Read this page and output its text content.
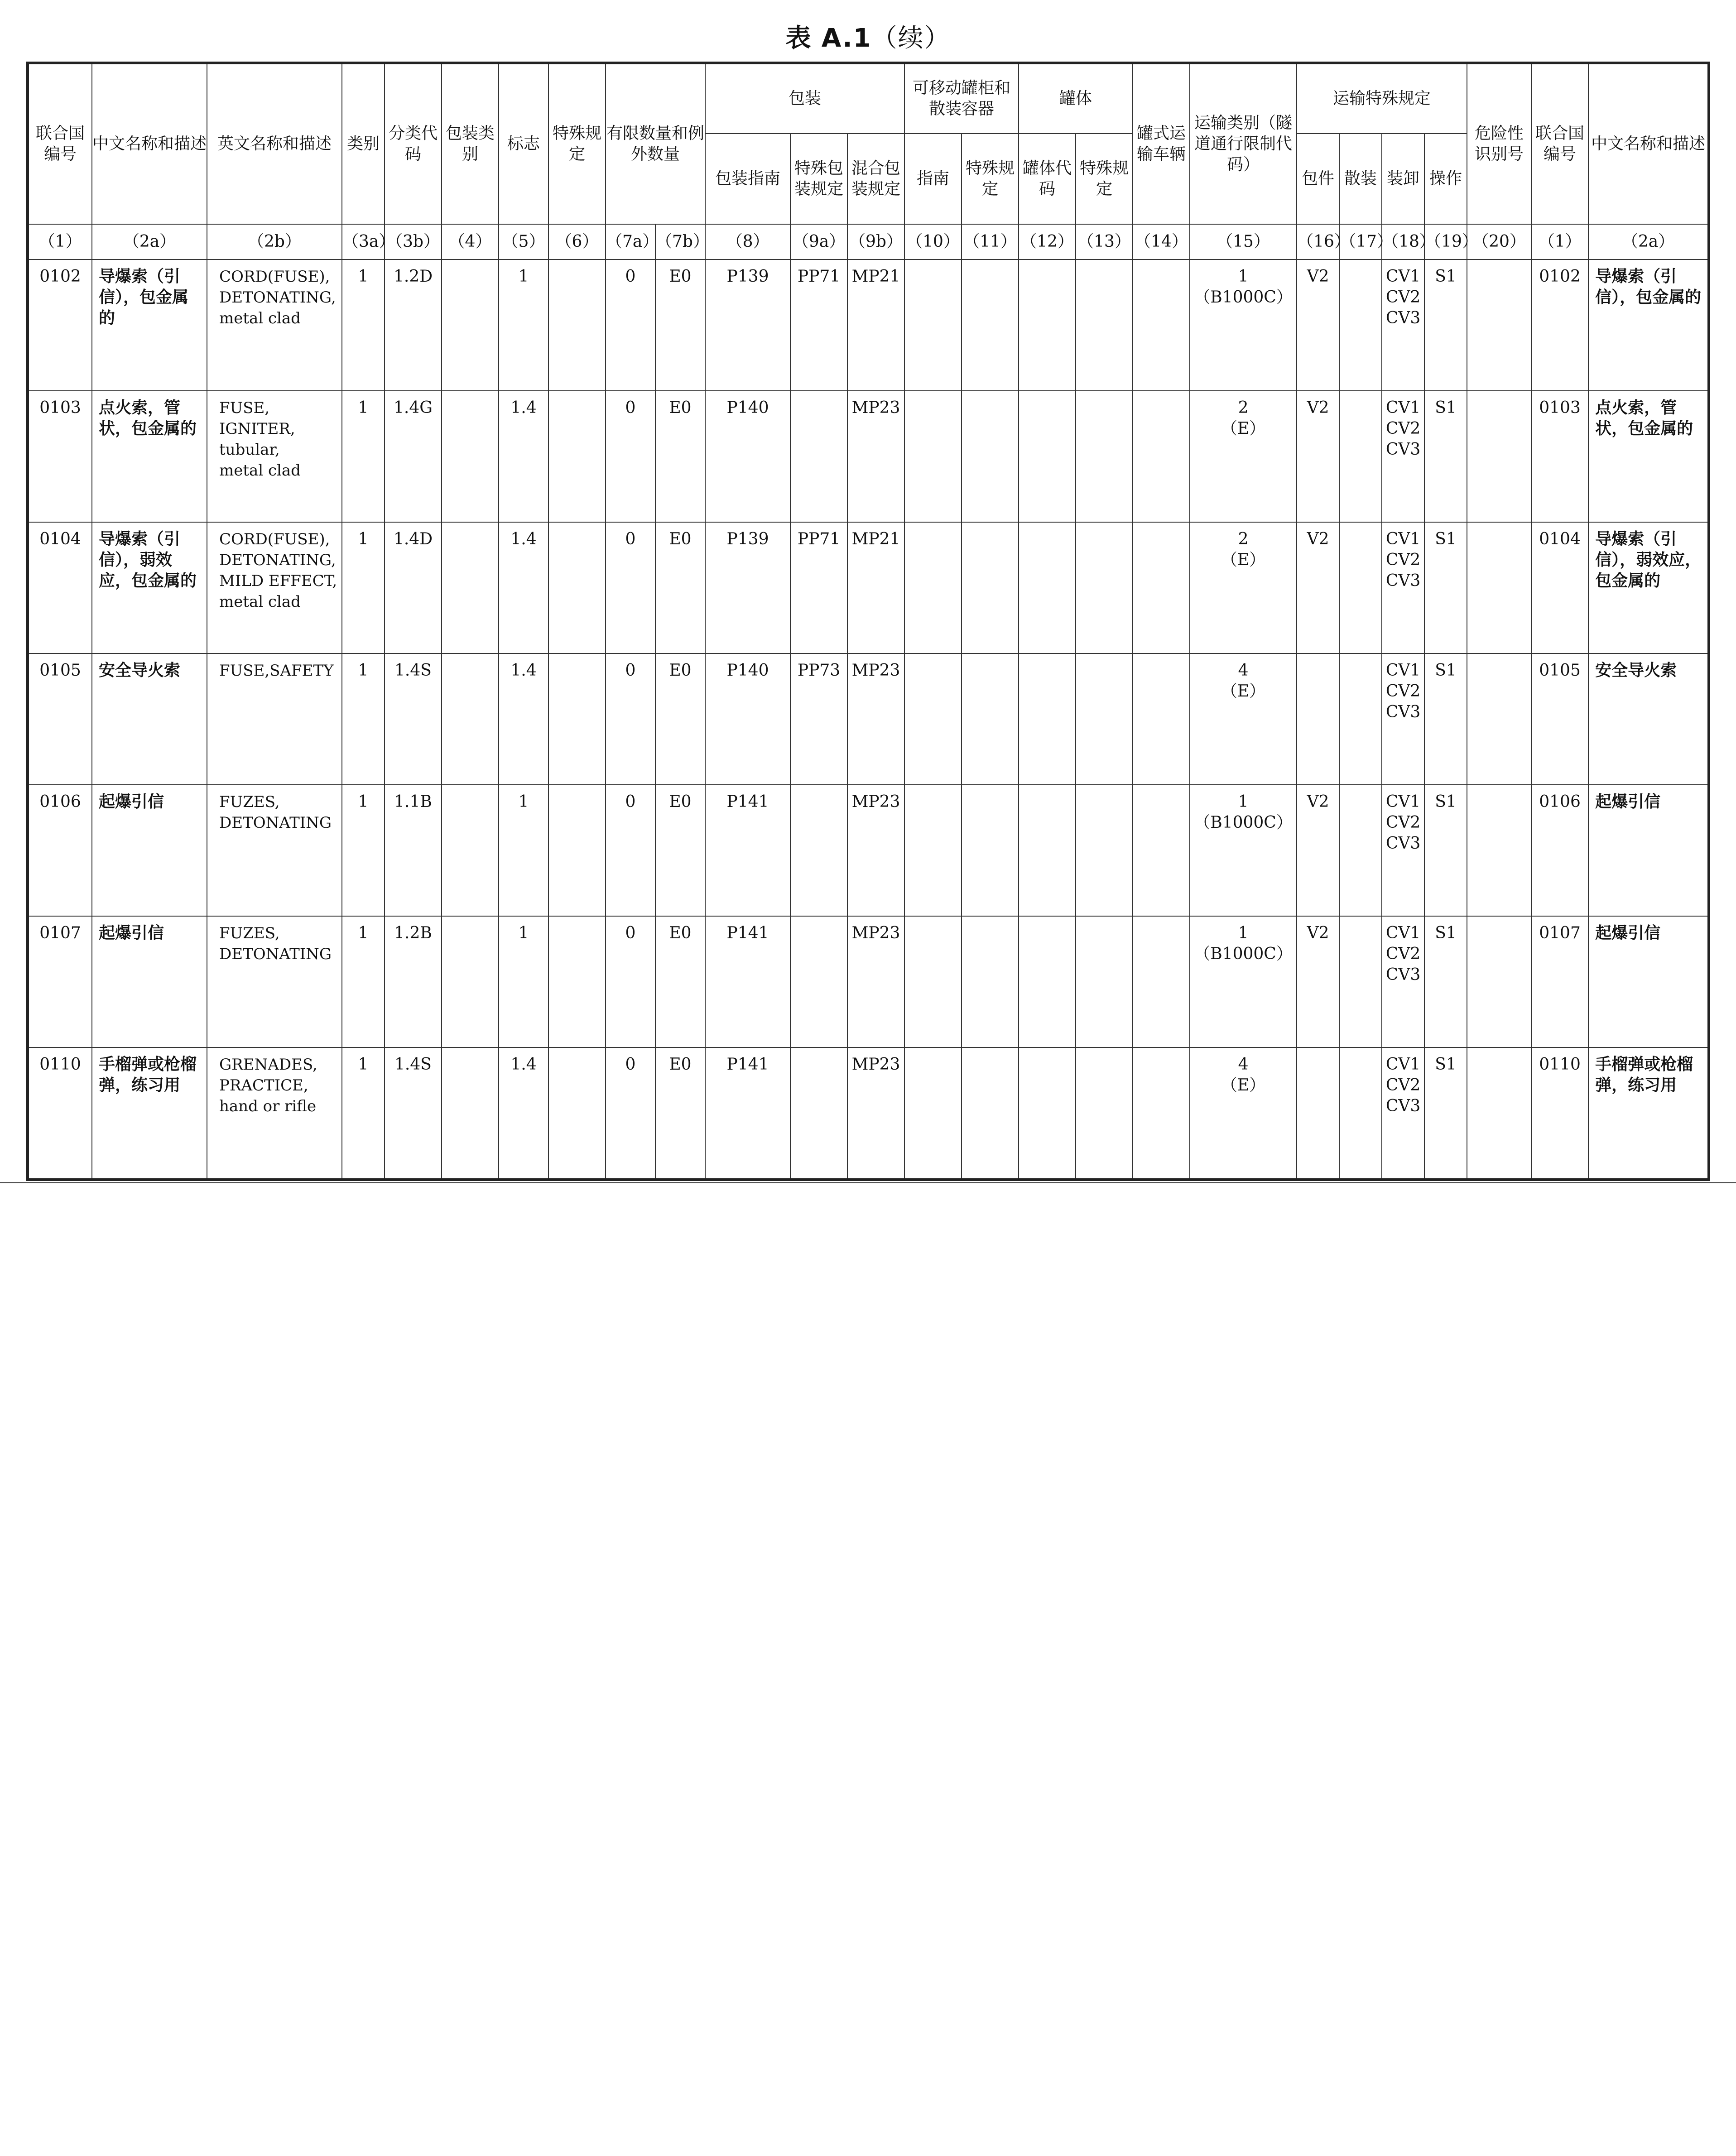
表 A.1（续）
联合国编号	中文名称和描述	英文名称和描述	类别	分类代码	包装类别	标志	特殊规定	有限数量和例外数量		包装			可移动罐柜和散装容器		罐体		罐式运输车辆	运输类别（隧道通行限制代码）	运输特殊规定				危险性识别号	联合国编号	中文名称和描述
										包装指南	特殊包装规定	混合包装规定	指南	特殊规定	罐体代码	特殊规定			包件	散装	装卸	操作			
（1）	（2a）	（2b）	（3a）	（3b）	（4）	（5）	（6）	（7a）	（7b）	（8）	（9a）	（9b）	（10）	（11）	（12）	（13）	（14）	（15）	（16）	（17）	（18）	（19）	（20）	（1）	（2a）
0102	导爆索（引信），包金属的	CORD(FUSE),
DETONATING,
metal clad	1	1.2D		1		0	E0	P139	PP71	MP21						1
（B1000C）	V2		CV1
CV2
CV3	S1		0102	导爆索（引信），包金属的
0103	点火索，管状，包金属的	FUSE,
IGNITER,
tubular,
metal clad	1	1.4G		1.4		0	E0	P140		MP23						2
（E）	V2		CV1
CV2
CV3	S1		0103	点火索，管状，包金属的
0104	导爆索（引信），弱效应，包金属的	CORD(FUSE),
DETONATING,
MILD EFFECT,
metal clad	1	1.4D		1.4		0	E0	P139	PP71	MP21						2
（E）	V2		CV1
CV2
CV3	S1		0104	导爆索（引信），弱效应，包金属的
0105	安全导火索	FUSE,SAFETY	1	1.4S		1.4		0	E0	P140	PP73	MP23						4
（E）			CV1
CV2
CV3	S1		0105	安全导火索
0106	起爆引信	FUZES,
DETONATING	1	1.1B		1		0	E0	P141		MP23						1
（B1000C）	V2		CV1
CV2
CV3	S1		0106	起爆引信
0107	起爆引信	FUZES,
DETONATING	1	1.2B		1		0	E0	P141		MP23						1
（B1000C）	V2		CV1
CV2
CV3	S1		0107	起爆引信
0110	手榴弹或枪榴弹，练习用	GRENADES,
PRACTICE,
hand or rifle	1	1.4S		1.4		0	E0	P141		MP23						4
（E）			CV1
CV2
CV3	S1		0110	手榴弹或枪榴弹，练习用
